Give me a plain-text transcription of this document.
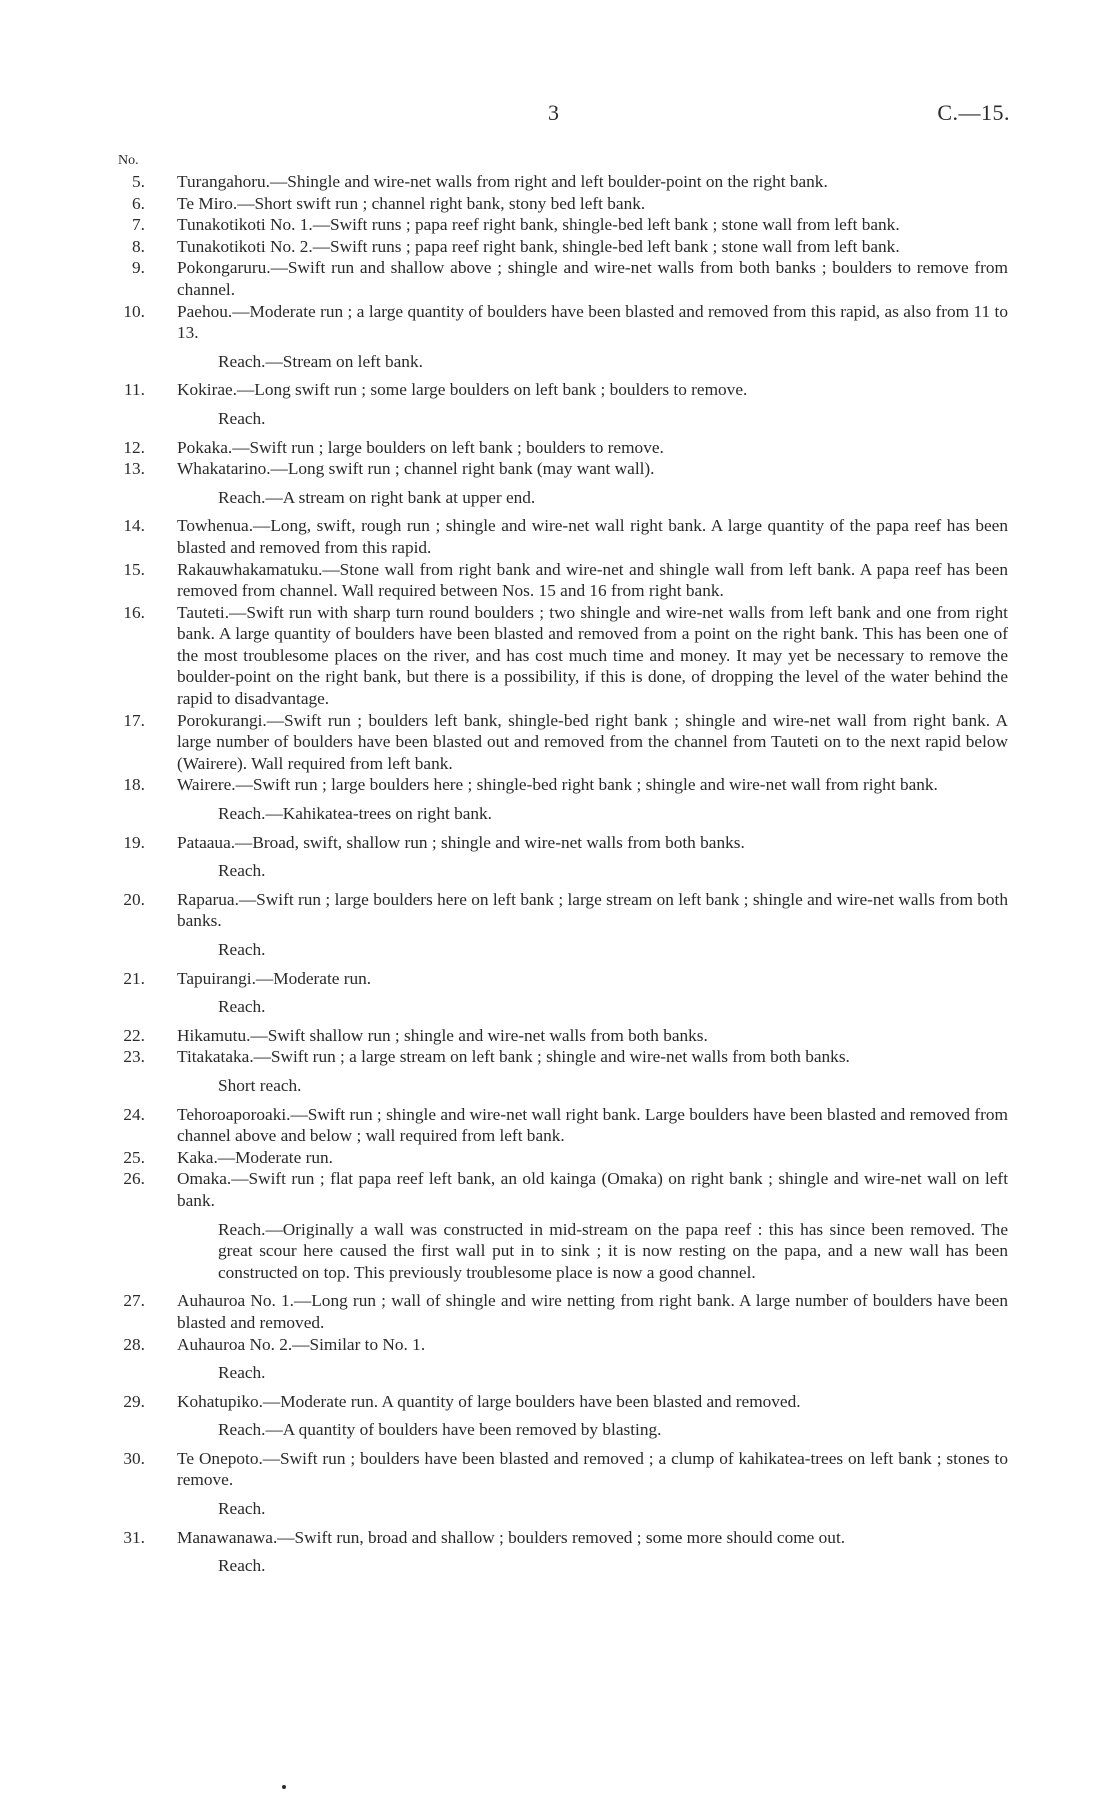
3	C.—15.
No.
5. Turangahoru.—Shingle and wire-net walls from right and left boulder-point on the right bank.
6. Te Miro.—Short swift run ; channel right bank, stony bed left bank.
7. Tunakotikoti No. 1.—Swift runs ; papa reef right bank, shingle-bed left bank ; stone wall from left bank.
8. Tunakotikoti No. 2.—Swift runs ; papa reef right bank, shingle-bed left bank ; stone wall from left bank.
9. Pokongaruru.—Swift run and shallow above ; shingle and wire-net walls from both banks ; boulders to remove from channel.
10. Paehou.—Moderate run ; a large quantity of boulders have been blasted and removed from this rapid, as also from 11 to 13.
Reach.—Stream on left bank.
11. Kokirae.—Long swift run ; some large boulders on left bank ; boulders to remove.
Reach.
12. Pokaka.—Swift run ; large boulders on left bank ; boulders to remove.
13. Whakatarino.—Long swift run ; channel right bank (may want wall).
Reach.—A stream on right bank at upper end.
14. Towhenua.—Long, swift, rough run ; shingle and wire-net wall right bank. A large quantity of the papa reef has been blasted and removed from this rapid.
15. Rakauwhakamatuku.—Stone wall from right bank and wire-net and shingle wall from left bank. A papa reef has been removed from channel. Wall required between Nos. 15 and 16 from right bank.
16. Tauteti.—Swift run with sharp turn round boulders ; two shingle and wire-net walls from left bank and one from right bank. A large quantity of boulders have been blasted and removed from a point on the right bank. This has been one of the most troublesome places on the river, and has cost much time and money. It may yet be necessary to remove the boulder-point on the right bank, but there is a possibility, if this is done, of dropping the level of the water behind the rapid to disadvantage.
17. Porokurangi.—Swift run ; boulders left bank, shingle-bed right bank ; shingle and wire-net wall from right bank. A large number of boulders have been blasted out and removed from the channel from Tauteti on to the next rapid below (Wairere). Wall required from left bank.
18. Wairere.—Swift run ; large boulders here ; shingle-bed right bank ; shingle and wire-net wall from right bank.
Reach.—Kahikatea-trees on right bank.
19. Pataaua.—Broad, swift, shallow run ; shingle and wire-net walls from both banks.
Reach.
20. Raparua.—Swift run ; large boulders here on left bank ; large stream on left bank ; shingle and wire-net walls from both banks.
Reach.
21. Tapuirangi.—Moderate run.
Reach.
22. Hikamutu.—Swift shallow run ; shingle and wire-net walls from both banks.
23. Titakataka.—Swift run ; a large stream on left bank ; shingle and wire-net walls from both banks.
Short reach.
24. Tehoroaporoaki.—Swift run ; shingle and wire-net wall right bank. Large boulders have been blasted and removed from channel above and below ; wall required from left bank.
25. Kaka.—Moderate run.
26. Omaka.—Swift run ; flat papa reef left bank, an old kainga (Omaka) on right bank ; shingle and wire-net wall on left bank.
Reach.—Originally a wall was constructed in mid-stream on the papa reef : this has since been removed. The great scour here caused the first wall put in to sink ; it is now resting on the papa, and a new wall has been constructed on top. This previously troublesome place is now a good channel.
27. Auhauroa No. 1.—Long run ; wall of shingle and wire netting from right bank. A large number of boulders have been blasted and removed.
28. Auhauroa No. 2.—Similar to No. 1.
Reach.
29. Kohatupiko.—Moderate run. A quantity of large boulders have been blasted and removed.
Reach.—A quantity of boulders have been removed by blasting.
30. Te Onepoto.—Swift run ; boulders have been blasted and removed ; a clump of kahikatea-trees on left bank ; stones to remove.
Reach.
31. Manawanawa.—Swift run, broad and shallow ; boulders removed ; some more should come out.
Reach.
